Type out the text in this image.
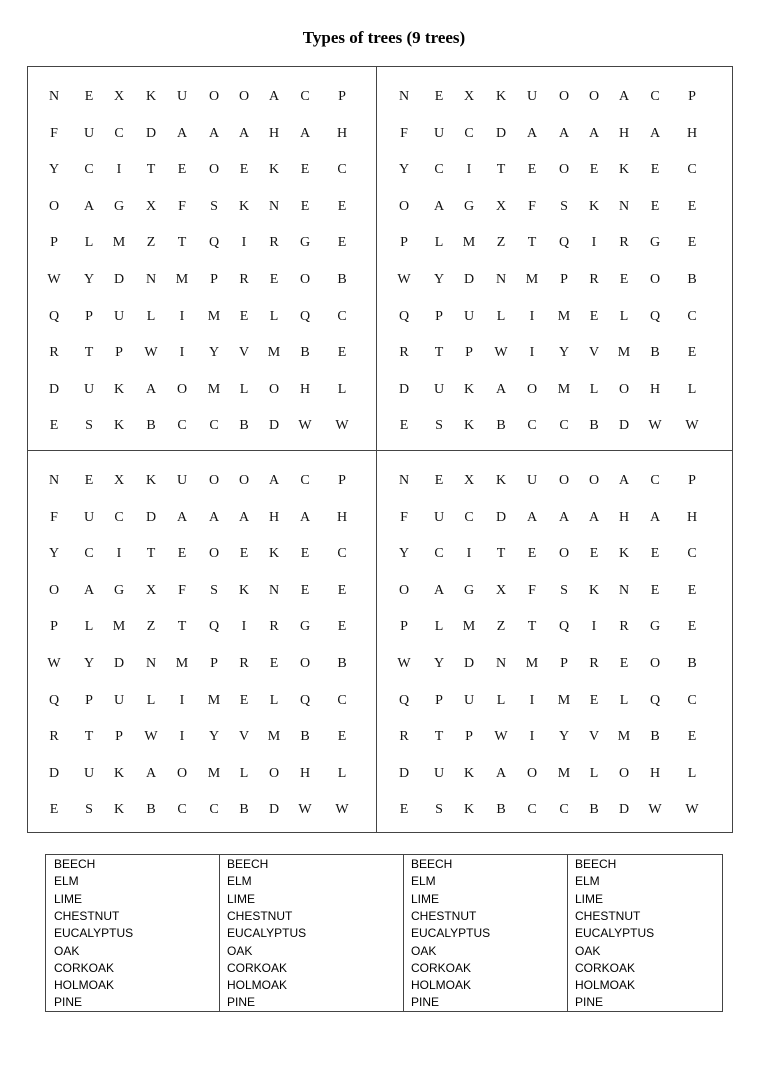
Types of trees (9 trees)
N	E	X	K	U	O	O	A	C	P
F	U	C	D	A	A	A	H	A	H
Y	C	I	T	E	O	E	K	E	C
O	A	G	X	F	S	K	N	E	E
P	L	M	Z	T	Q	I	R	G	E
W	Y	D	N	M	P	R	E	O	B
Q	P	U	L	I	M	E	L	Q	C
R	T	P	W	I	Y	V	M	B	E
D	U	K	A	O	M	L	O	H	L
E	S	K	B	C	C	B	D	W	W
N	E	X	K	U	O	O	A	C	P
F	U	C	D	A	A	A	H	A	H
Y	C	I	T	E	O	E	K	E	C
O	A	G	X	F	S	K	N	E	E
P	L	M	Z	T	Q	I	R	G	E
W	Y	D	N	M	P	R	E	O	B
Q	P	U	L	I	M	E	L	Q	C
R	T	P	W	I	Y	V	M	B	E
D	U	K	A	O	M	L	O	H	L
E	S	K	B	C	C	B	D	W	W
N	E	X	K	U	O	O	A	C	P
F	U	C	D	A	A	A	H	A	H
Y	C	I	T	E	O	E	K	E	C
O	A	G	X	F	S	K	N	E	E
P	L	M	Z	T	Q	I	R	G	E
W	Y	D	N	M	P	R	E	O	B
Q	P	U	L	I	M	E	L	Q	C
R	T	P	W	I	Y	V	M	B	E
D	U	K	A	O	M	L	O	H	L
E	S	K	B	C	C	B	D	W	W
N	E	X	K	U	O	O	A	C	P
F	U	C	D	A	A	A	H	A	H
Y	C	I	T	E	O	E	K	E	C
O	A	G	X	F	S	K	N	E	E
P	L	M	Z	T	Q	I	R	G	E
W	Y	D	N	M	P	R	E	O	B
Q	P	U	L	I	M	E	L	Q	C
R	T	P	W	I	Y	V	M	B	E
D	U	K	A	O	M	L	O	H	L
E	S	K	B	C	C	B	D	W	W
BEECH
ELM
LIME
CHESTNUT
EUCALYPTUS
OAK
CORKOAK
HOLMOAK
PINE
BEECH
ELM
LIME
CHESTNUT
EUCALYPTUS
OAK
CORKOAK
HOLMOAK
PINE
BEECH
ELM
LIME
CHESTNUT
EUCALYPTUS
OAK
CORKOAK
HOLMOAK
PINE
BEECH
ELM
LIME
CHESTNUT
EUCALYPTUS
OAK
CORKOAK
HOLMOAK
PINE
